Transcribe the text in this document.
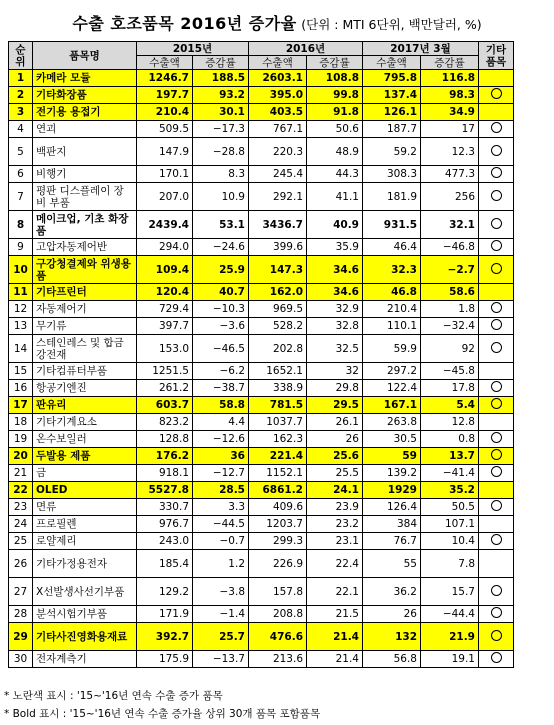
수출 호조품목 2016년 증가율 (단위 : MTI 6단위, 백만달러, %)
순위	품목명	2015년		2016년		2017년 3월		기타품목
		수출액	증감률	수출액	증감률	수출액	증감률	
1	카메라 모듈	1246.7	188.5	2603.1	108.8	795.8	116.8	
2	기타화장품	197.7	93.2	395.0	99.8	137.4	98.3	
3	전기용 용접기	210.4	30.1	403.5	91.8	126.1	34.9	
4	연괴	509.5	−17.3	767.1	50.6	187.7	17	
5	백판지	147.9	−28.8	220.3	48.9	59.2	12.3	
6	비행기	170.1	8.3	245.4	44.3	308.3	477.3	
7	평판 디스플레이 장비 부품	207.0	10.9	292.1	41.1	181.9	256	
8	메이크업, 기초 화장품	2439.4	53.1	3436.7	40.9	931.5	32.1	
9	고압자동제어반	294.0	−24.6	399.6	35.9	46.4	−46.8	
10	구강청결제와 위생용품	109.4	25.9	147.3	34.6	32.3	−2.7	
11	기타프린터	120.4	40.7	162.0	34.6	46.8	58.6	
12	자동제어기	729.4	−10.3	969.5	32.9	210.4	1.8	
13	무기류	397.7	−3.6	528.2	32.8	110.1	−32.4	
14	스테인레스 및 합금강전재	153.0	−46.5	202.8	32.5	59.9	92	
15	기타컴퓨터부품	1251.5	−6.2	1652.1	32	297.2	−45.8	
16	항공기엔진	261.2	−38.7	338.9	29.8	122.4	17.8	
17	판유리	603.7	58.8	781.5	29.5	167.1	5.4	
18	기타기계요소	823.2	4.4	1037.7	26.1	263.8	12.8	
19	온수보일러	128.8	−12.6	162.3	26	30.5	0.8	
20	두발용 제품	176.2	36	221.4	25.6	59	13.7	
21	금	918.1	−12.7	1152.1	25.5	139.2	−41.4	
22	OLED	5527.8	28.5	6861.2	24.1	1929	35.2	
23	면류	330.7	3.3	409.6	23.9	126.4	50.5	
24	프로필렌	976.7	−44.5	1203.7	23.2	384	107.1	
25	로얄제리	243.0	−0.7	299.3	23.1	76.7	10.4	
26	기타가정용전자	185.4	1.2	226.9	22.4	55	7.8	
27	X선발생사선기부품	129.2	−3.8	157.8	22.1	36.2	15.7	
28	분석시험기부품	171.9	−1.4	208.8	21.5	26	−44.4	
29	기타사진영화용재료	392.7	25.7	476.6	21.4	132	21.9	
30	전자계측기	175.9	−13.7	213.6	21.4	56.8	19.1	
* 노란색 표시 : '15~'16년 연속 수출 증가 품목
* Bold 표시 : '15~'16년 연속 수출 증가율 상위 30개 품목 포함품목
